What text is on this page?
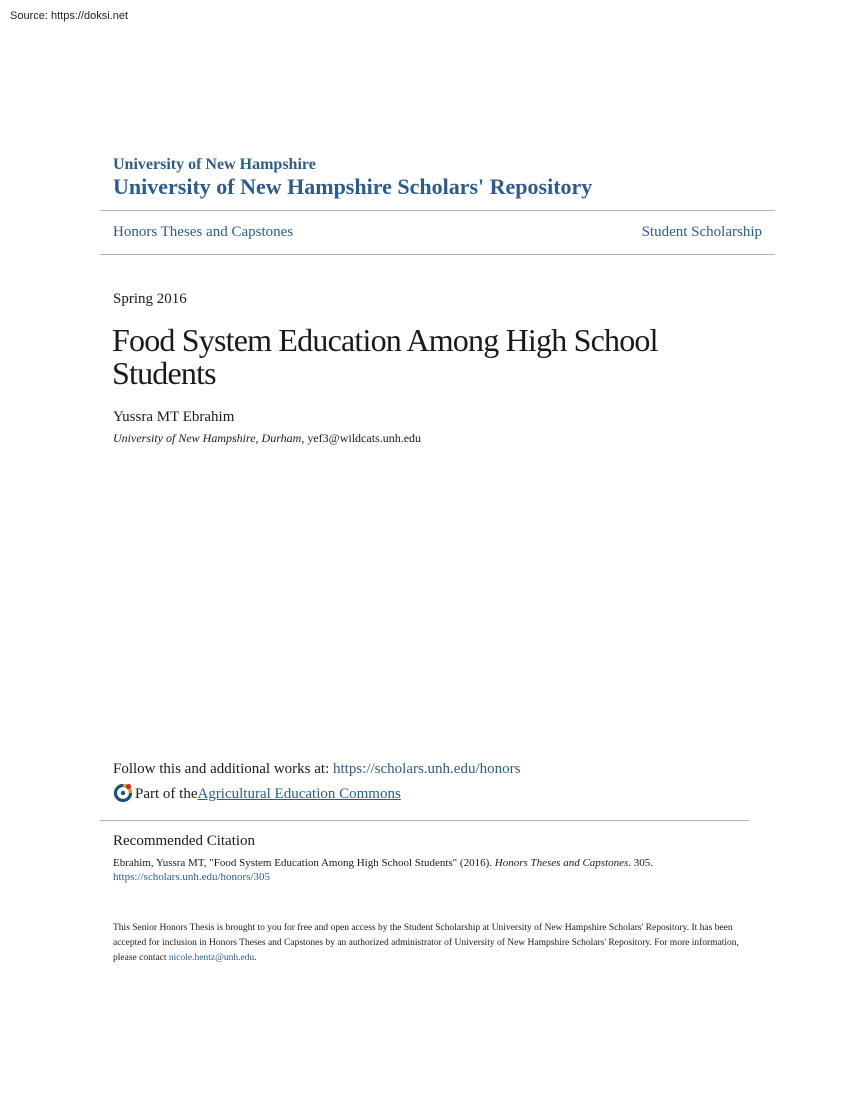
Source: https://doksi.net
University of New Hampshire
University of New Hampshire Scholars' Repository
Honors Theses and Capstones	Student Scholarship
Spring 2016
Food System Education Among High School Students
Yussra MT Ebrahim
University of New Hampshire, Durham, yef3@wildcats.unh.edu
Follow this and additional works at: https://scholars.unh.edu/honors
Part of the Agricultural Education Commons
Recommended Citation
Ebrahim, Yussra MT, "Food System Education Among High School Students" (2016). Honors Theses and Capstones. 305.
https://scholars.unh.edu/honors/305
This Senior Honors Thesis is brought to you for free and open access by the Student Scholarship at University of New Hampshire Scholars' Repository. It has been accepted for inclusion in Honors Theses and Capstones by an authorized administrator of University of New Hampshire Scholars' Repository. For more information, please contact nicole.hentz@unh.edu.
